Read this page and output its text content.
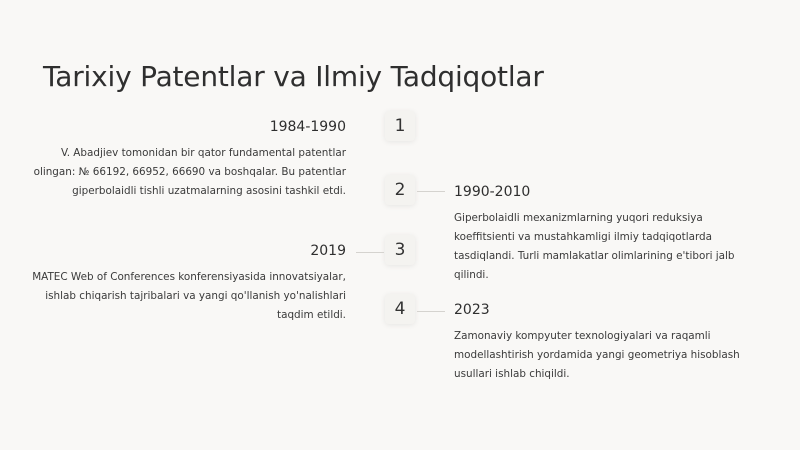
Tarixiy Patentlar va Ilmiy Tadqiqotlar
1
2
3
4
1984-1990

V. Abadjiev tomonidan bir qator fundamental patentlar
olingan: № 66192, 66952, 66690 va boshqalar. Bu patentlar
giperbolaidli tishli uzatmalarning asosini tashkil etdi.	1990-2010

Giperbolaidli mexanizmlarning yuqori reduksiya
koeffitsienti va mustahkamligi ilmiy tadqiqotlarda
tasdiqlandi. Turli mamlakatlar olimlarining e'tibori jalb
qilindi.

2019

MATEC Web of Conferences konferensiyasida innovatsiyalar,
ishlab chiqarish tajribalari va yangi qo'llanish yo'nalishlari
taqdim etildi.	2023

Zamonaviy kompyuter texnologiyalari va raqamli
modellashtirish yordamida yangi geometriya hisoblash
usullari ishlab chiqildi.
